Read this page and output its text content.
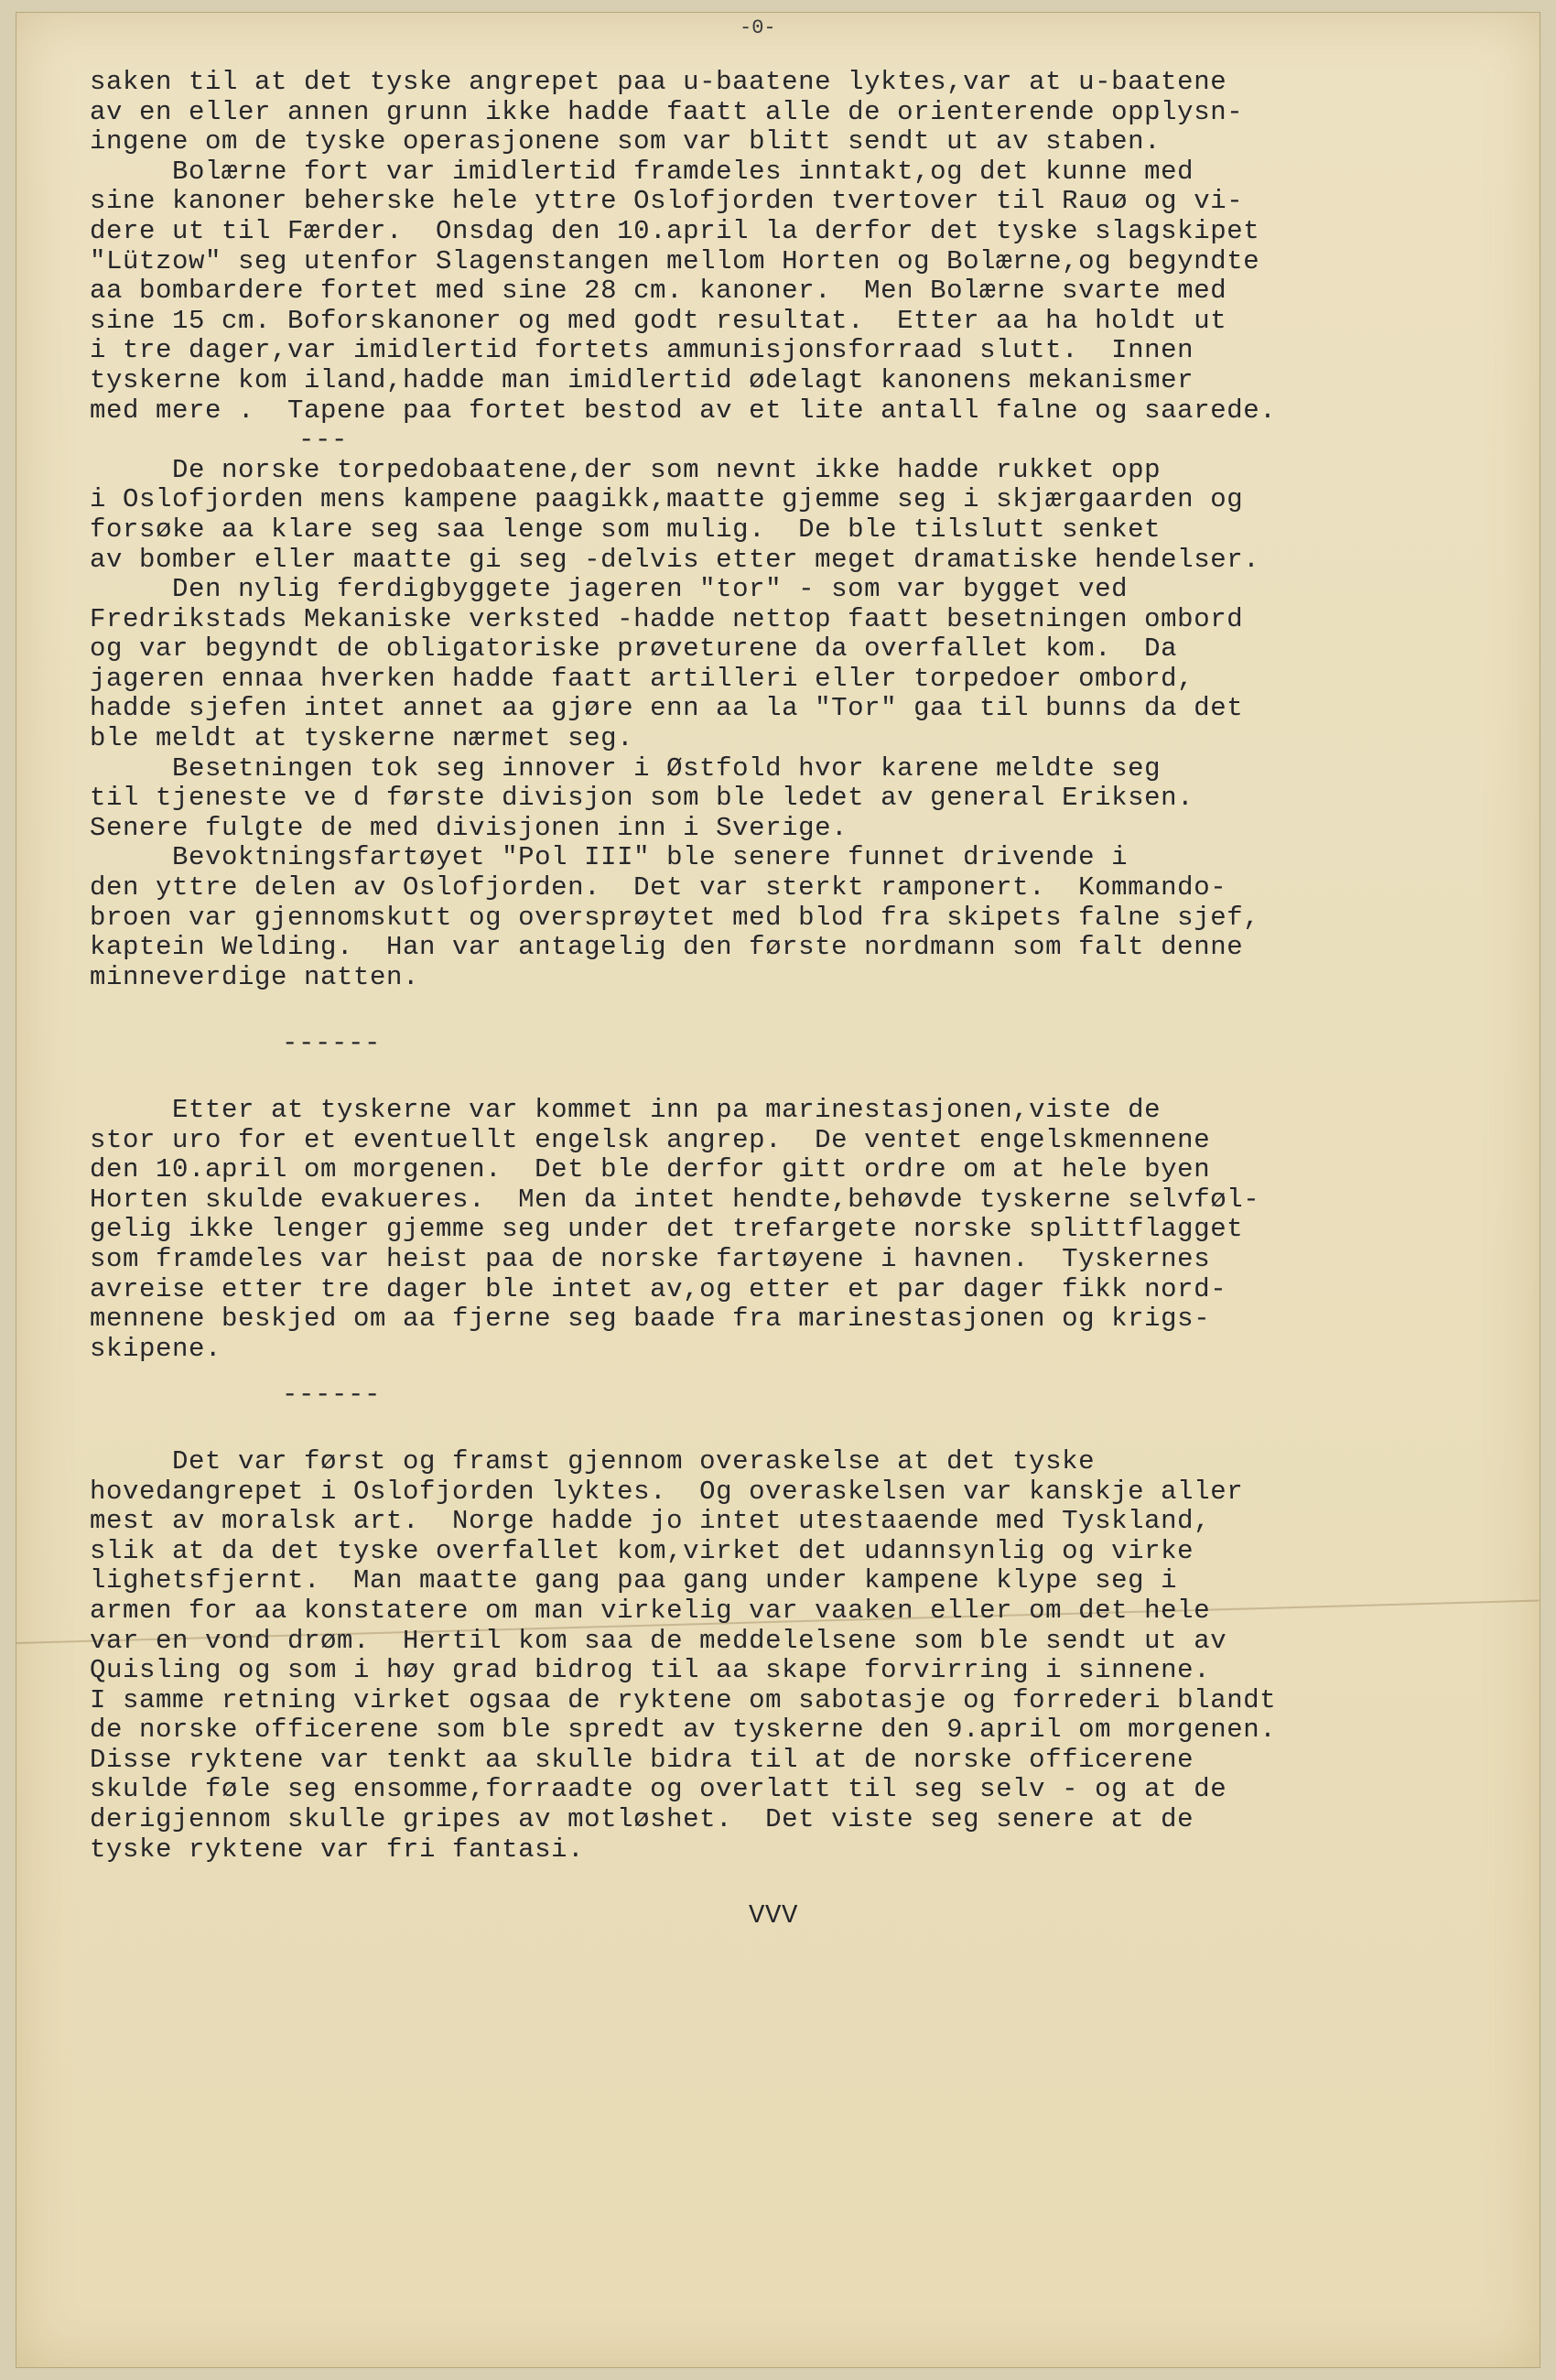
-0-
saken til at det tyske angrepet paa u-baatene lyktes,var at u-baatene
av en eller annen grunn ikke hadde faatt alle de orienterende opplysn-
ingene om de tyske operasjonene som var blitt sendt ut av staben.
Bolærne fort var imidlertid framdeles inntakt,og det kunne med
sine kanoner beherske hele yttre Oslofjorden tvertover til Rauø og vi-
dere ut til Færder.  Onsdag den 10.april la derfor det tyske slagskipet
"Lützow" seg utenfor Slagenstangen mellom Horten og Bolærne,og begyndte
aa bombardere fortet med sine 28 cm. kanoner.  Men Bolærne svarte med
sine 15 cm. Boforskanoner og med godt resultat.  Etter aa ha holdt ut
i tre dager,var imidlertid fortets ammunisjonsforraad slutt.  Innen
tyskerne kom iland,hadde man imidlertid ødelagt kanonens mekanismer
med mere .  Tapene paa fortet bestod av et lite antall falne og saarede.
---
De norske torpedobaatene,der som nevnt ikke hadde rukket opp
i Oslofjorden mens kampene paagikk,maatte gjemme seg i skjærgaarden og
forsøke aa klare seg saa lenge som mulig.  De ble tilslutt senket
av bomber eller maatte gi seg -delvis etter meget dramatiske hendelser.
Den nylig ferdigbyggete jageren "tor" - som var bygget ved
Fredrikstads Mekaniske verksted -hadde nettop faatt besetningen ombord
og var begyndt de obligatoriske prøveturene da overfallet kom.  Da
jageren ennaa hverken hadde faatt artilleri eller torpedoer ombord,
hadde sjefen intet annet aa gjøre enn aa la "Tor" gaa til bunns da det
ble meldt at tyskerne nærmet seg.
Besetningen tok seg innover i Østfold hvor karene meldte seg
til tjeneste ve d første divisjon som ble ledet av general Eriksen.
Senere fulgte de med divisjonen inn i Sverige.
Bevoktningsfartøyet "Pol III" ble senere funnet drivende i
den yttre delen av Oslofjorden.  Det var sterkt ramponert.  Kommando-
broen var gjennomskutt og oversprøytet med blod fra skipets falne sjef,
kaptein Welding.  Han var antagelig den første nordmann som falt denne
minneverdige natten.
------
Etter at tyskerne var kommet inn pa marinestasjonen,viste de
stor uro for et eventuellt engelsk angrep.  De ventet engelskmennene
den 10.april om morgenen.  Det ble derfor gitt ordre om at hele byen
Horten skulde evakueres.  Men da intet hendte,behøvde tyskerne selvføl-
gelig ikke lenger gjemme seg under det trefargete norske splittflagget
som framdeles var heist paa de norske fartøyene i havnen.  Tyskernes
avreise etter tre dager ble intet av,og etter et par dager fikk nord-
mennene beskjed om aa fjerne seg baade fra marinestasjonen og krigs-
skipene.
------
Det var først og framst gjennom overaskelse at det tyske
hovedangrepet i Oslofjorden lyktes.  Og overaskelsen var kanskje aller
mest av moralsk art.  Norge hadde jo intet utestaaende med Tyskland,
slik at da det tyske overfallet kom,virket det udannsynlig og virke
lighetsfjernt.  Man maatte gang paa gang under kampene klype seg i
armen for aa konstatere om man virkelig var vaaken eller om det hele
var en vond drøm.  Hertil kom saa de meddelelsene som ble sendt ut av
Quisling og som i høy grad bidrog til aa skape forvirring i sinnene.
I samme retning virket ogsaa de ryktene om sabotasje og forrederi blandt
de norske officerene som ble spredt av tyskerne den 9.april om morgenen.
Disse ryktene var tenkt aa skulle bidra til at de norske officerene
skulde føle seg ensomme,forraadte og overlatt til seg selv - og at de
derigjennom skulle gripes av motløshet.  Det viste seg senere at de
tyske ryktene var fri fantasi.
VVV
